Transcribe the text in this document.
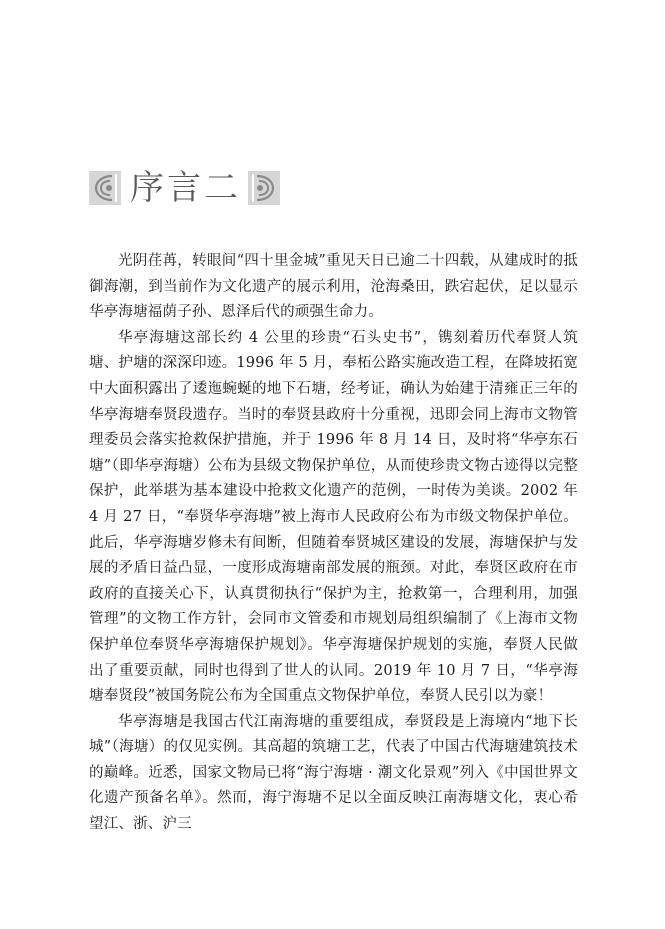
序言二

光阴荏苒，转眼间“四十里金城”重见天日已逾二十四载，从建成时的抵御海潮，到当前作为文化遗产的展示利用，沧海桑田，跌宕起伏，足以显示华亭海塘福荫子孙、恩泽后代的顽强生命力。

华亭海塘这部长约 4 公里的珍贵“石头史书”，镌刻着历代奉贤人筑塘、护塘的深深印迹。1996 年 5 月，奉柘公路实施改造工程，在降坡拓宽中大面积露出了逶迤蜿蜒的地下石塘，经考证，确认为始建于清雍正三年的华亭海塘奉贤段遗存。当时的奉贤县政府十分重视，迅即会同上海市文物管理委员会落实抢救保护措施，并于 1996 年 8 月 14 日，及时将“华亭东石塘”（即华亭海塘）公布为县级文物保护单位，从而使珍贵文物古迹得以完整保护，此举堪为基本建设中抢救文化遗产的范例，一时传为美谈。2002 年 4 月 27 日，“奉贤华亭海塘”被上海市人民政府公布为市级文物保护单位。此后，华亭海塘岁修未有间断，但随着奉贤城区建设的发展，海塘保护与发展的矛盾日益凸显，一度形成海塘南部发展的瓶颈。对此，奉贤区政府在市政府的直接关心下，认真贯彻执行“保护为主，抢救第一，合理利用，加强管理”的文物工作方针，会同市文管委和市规划局组织编制了《上海市文物保护单位奉贤华亭海塘保护规划》。华亭海塘保护规划的实施，奉贤人民做出了重要贡献，同时也得到了世人的认同。2019 年 10 月 7 日，“华亭海塘奉贤段”被国务院公布为全国重点文物保护单位，奉贤人民引以为豪！

华亭海塘是我国古代江南海塘的重要组成，奉贤段是上海境内“地下长城”（海塘）的仅见实例。其高超的筑塘工艺，代表了中国古代海塘建筑技术的巅峰。近悉，国家文物局已将“海宁海塘 · 潮文化景观”列入《中国世界文化遗产预备名单》。然而，海宁海塘不足以全面反映江南海塘文化，衷心希望江、浙、沪三
